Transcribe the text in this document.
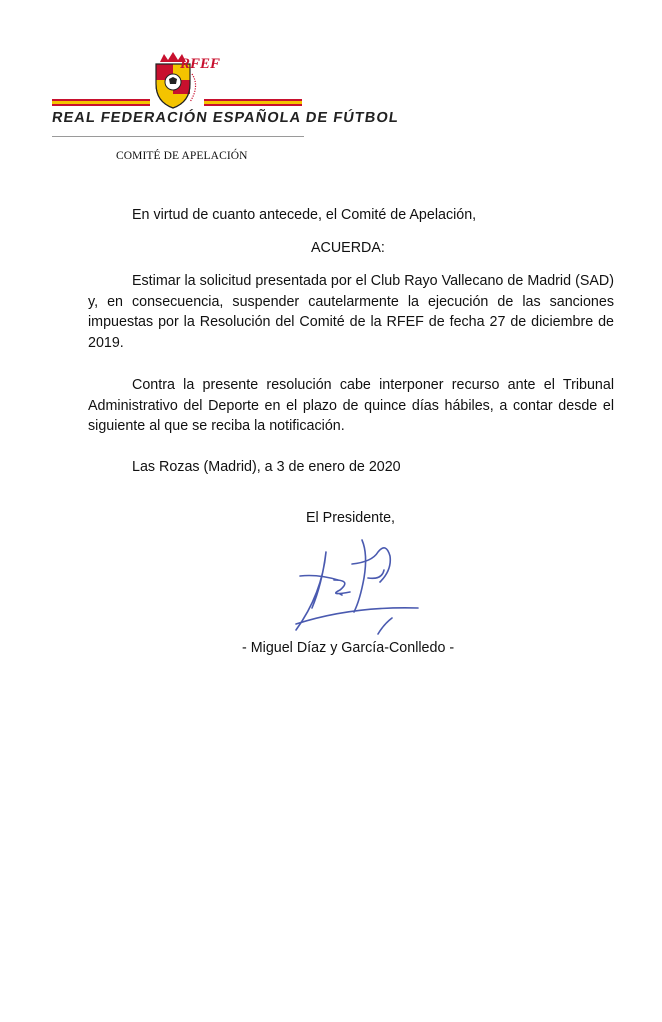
RFEF
REAL FEDERACIÓN ESPAÑOLA DE FÚTBOL
COMITÉ DE APELACIÓN
En virtud de cuanto antecede, el Comité de Apelación,
ACUERDA:
Estimar la solicitud presentada por el Club Rayo Vallecano de Madrid (SAD) y, en consecuencia, suspender cautelarmente la ejecución de las sanciones impuestas por la Resolución del Comité de la RFEF de fecha 27 de diciembre de 2019.
Contra la presente resolución cabe interponer recurso ante el Tribunal Administrativo del Deporte en el plazo de quince días hábiles, a contar desde el siguiente al que se reciba la notificación.
Las Rozas (Madrid), a 3 de enero de 2020
El Presidente,
- Miguel Díaz y García-Conlledo -
